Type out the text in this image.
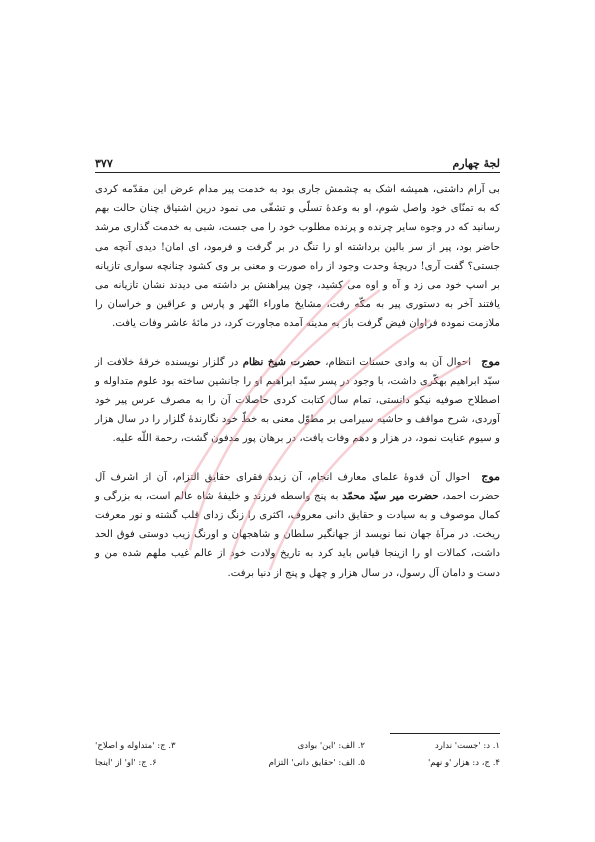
لجهٔ چهارم
۳۷۷

بی آرام داشتی، همیشه اشک به چشمش جاری بود به خدمت پیر مدام عرض این مقدّمه کردی که به تمنّای خود واصل شوم، او به وعدهٔ تسلّی و تشفّی می نمود درین اشتیاق چنان حالت بهم رسانید که در وجوه سایر چرنده و پرنده مطلوب خود را می جست، شبی به خدمت گذاری مرشد حاضر بود، پیر از سر بالین برداشته او را تنگ در بر گرفت و فرمود، ای امان! دیدی آنچه می جستی؟ گفت آری! دریچهٔ وحدت وجود از راه صورت و معنی بر وی کشود چنانچه سواری تازیانه بر اسپ خود می زد و آه و اوه می کشید، چون پیراهنش بر داشته می دیدند نشان تازیانه می یافتند آخر به دستوری پیر به مکّه رفت، مشایخ ماوراء النّهر و پارس و عراقین و خراسان را ملازمت نموده فراوان فیض گرفت باز به مدینه آمده مجاورت کرد، در مائهٔ عاشر وفات یافت.

موج احوال آن به وادی حسنات انتظام، حضرت شیخ نظام در گلزار نویسنده خرقهٔ خلافت از سیّد ابراهیم بهکّری داشت، با وجود در پسر سیّد ابراهیم او را جانشین ساخته بود علوم متداوله و اصطلاح صوفیه نیکو دانستی، تمام سال کتابت کردی حاصلات آن را به مصرف عرس پیر خود آوردی، شرح مواقف و حاشیه سیرامی بر مطوّل معنی به خطّ خود نگارندهٔ گلزار را در سال هزار و سیوم عنایت نمود، در هزار و دهم وفات یافت، در برهان پور مدفون گشت، رحمة اللّه علیه.

موج احوال آن قدوهٔ علمای معارف انجام، آن زبدهٔ فقرای حقایق التزام، آن از اشرف آل حضرت احمد، حضرت میر سیّد محمّد به پنج واسطه فرزند و خلیفهٔ شاه عالم است، به بزرگی و کمال موصوف و به سیادت و حقایق دانی معروف، اکثری را زنگ زدای قلب گشته و نور معرفت ریخت. در مرآهٔ جهان نما نویسد از جهانگیر سلطان و شاهجهان و اورنگ زیب دوستی فوق الحد داشت، کمالات او را ازینجا قیاس باید کرد به تاریخ ولادت خود از عالم غیب ملهم شده من و دست و دامان آل رسول، در سال هزار و چهل و پنج از دنیا برفت.

۱. د: 'جست' ندارد
۲. الف: 'این' بوادی
۳. ج: 'متداوله و اصلاح'
۴. ج، د: هزار 'و نهم'
۵. الف: 'حقایق دانی' التزام
۶. ج: 'او' از 'اینجا
